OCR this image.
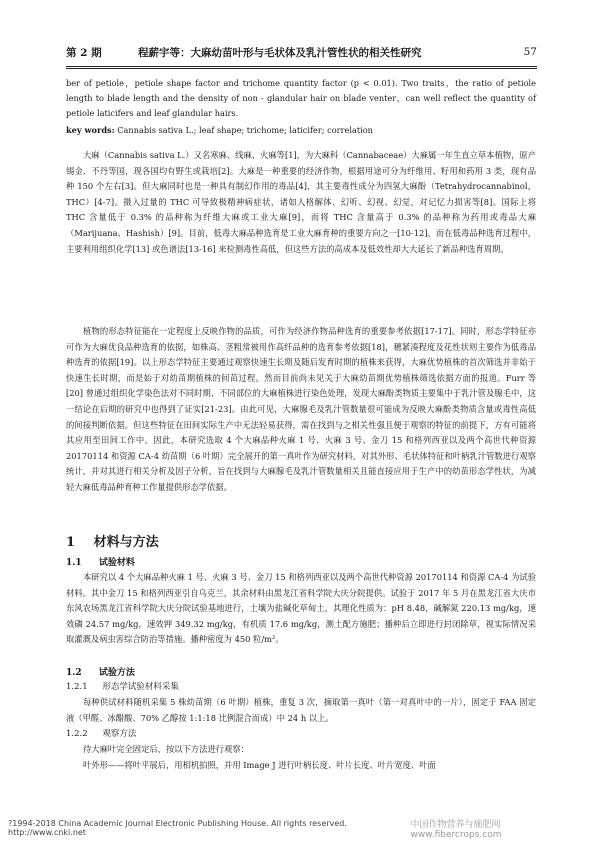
第 2 期	程薪宇等：大麻幼苗叶形与毛状体及乳汁管性状的相关性研究	57
ber of petiole，petiole shape factor and trichome quantity factor (p < 0.01). Two traits，the ratio of petiole length to blade length and the density of non - glandular hair on blade venter，can well reflect the quantity of petiole laticifers and leaf glandular hairs.
key words: Cannabis sativa L.; leaf shape; trichome; laticifer; correlation
大麻（Cannabis sativa L.）又名寒麻、线麻、火麻等[1]，为大麻科（Cannabaceae）大麻属一年生直立草本植物，原产锡金、不丹等国，现各国均有野生或栽培[2]。大麻是一种重要的经济作物，根据用途可分为纤维用、籽用和药用 3 类，现有品种 150 个左右[3]。但大麻同时也是一种具有制幻作用的毒品[4]，其主要毒性成分为四氢大麻酚（Tetrahydrocannabinol，THC）[4-7]。摄入过量的 THC 可导致极精神病症状，诸如人格解体、幻听、幻视、幻觉，对记忆力损害等[8]。国际上将 THC 含量低于 0.3% 的品种称为纤维大麻或工业大麻[9]，而将 THC 含量高于 0.3% 的品种称为药用或毒品大麻（Marijuana、Hashish）[9]。目前，低毒大麻品种选育是工业大麻育种的重要方向之一[10-12]，而在低毒品种选育过程中，主要利用组织化学[13] 或色谱法[13-16] 来检测毒性高低，但这些方法的高成本及低效性却大大延长了新品种选育周期。
植物的形态特征能在一定程度上反映作物的品质，可作为经济作物品种选育的重要参考依据[17-17]。同时，形态学特征亦可作为大麻优良品种选育的依据，如株高、茎粗常被用作高纤品种的选育参考依据[18]，穗紧凑程度及花性状则主要作为低毒品种选育的依据[19]。以上形态学特征主要通过观察快速生长期及随后发育时期的植株来获得，大麻优势植株的首次筛选并非始于快速生长时期，而是始于对幼苗期植株的间苗过程。然而目前尚未见关于大麻幼苗期优势植株筛选依据方面的报道。Furr 等[20] 曾通过组织化学染色法对不同时期、不同部位的大麻植株进行染色处理，发现大麻酚类物质主要集中于乳汁管及腺毛中，这一结论在后期的研究中也得到了证实[21-23]。由此可见，大麻腺毛及乳汁管数量很可能成为反映大麻酚类物质含量或毒性高低的间接判断依据。但这些特征在田间实际生产中无法轻易获得，需在找到与之相关性强且便于观察的特征的前提下，方有可能将其应用至田间工作中。因此，本研究选取 4 个大麻品种火麻 1 号、火麻 3 号、金刀 15 和格列西亚以及两个高世代种资源 20170114 和资源 CA-4 幼苗期（6 叶期）完全展开的第一真叶作为研究材料，对其外形、毛状体特征和叶柄乳汁管数进行观察统计，并对其进行相关分析及因子分析，旨在找到与大麻腺毛及乳汁管数量相关且能直接应用于生产中的幼苗形态学性状，为减轻大麻低毒品种育种工作量提供形态学依据。
1 材料与方法
1.1 试验材料
本研究以 4 个大麻品种火麻 1 号、火麻 3 号、金刀 15 和格列西亚以及两个高世代种资源 20170114 和资源 CA-4 为试验材料。其中金刀 15 和格列西亚引自乌克兰，其余材料由黑龙江省科学院大庆分院提供。试验于 2017 年 5 月在黑龙江省大庆市东风农场黑龙江省科学院大庆分院试验基地进行，土壤为盐碱化草甸土，其理化性质为：pH 8.48，碱解氮 220.13 mg/kg，速效磷 24.57 mg/kg，速效钾 349.32 mg/kg，有机质 17.6 mg/kg，测土配方施肥；播种后立即进行封闭除草，视实际情况采取灌溉及病虫害综合防治等措施。播种密度为 450 粒/m²。
1.2 试验方法
1.2.1 形态学试验材料采集
每种供试材料随机采集 5 株幼苗期（6 叶期）植株，重复 3 次，摘取第一真叶（第一对真叶中的一片），固定于 FAA 固定液（甲醛、冰醋酸、70% 乙醇按 1:1:18 比例混合而成）中 24 h 以上。
1.2.2 观察方法
待大麻叶完全固定后，按以下方法进行观察：
叶外形——将叶平展后，用相机拍照，并用 Image J 进行叶柄长度、叶片长度、叶片宽度、叶面
?1994-2018 China Academic Journal Electronic Publishing House. All rights reserved. http://www.cnki.net
中国作物营养与施肥网 www.fibercrops.com
